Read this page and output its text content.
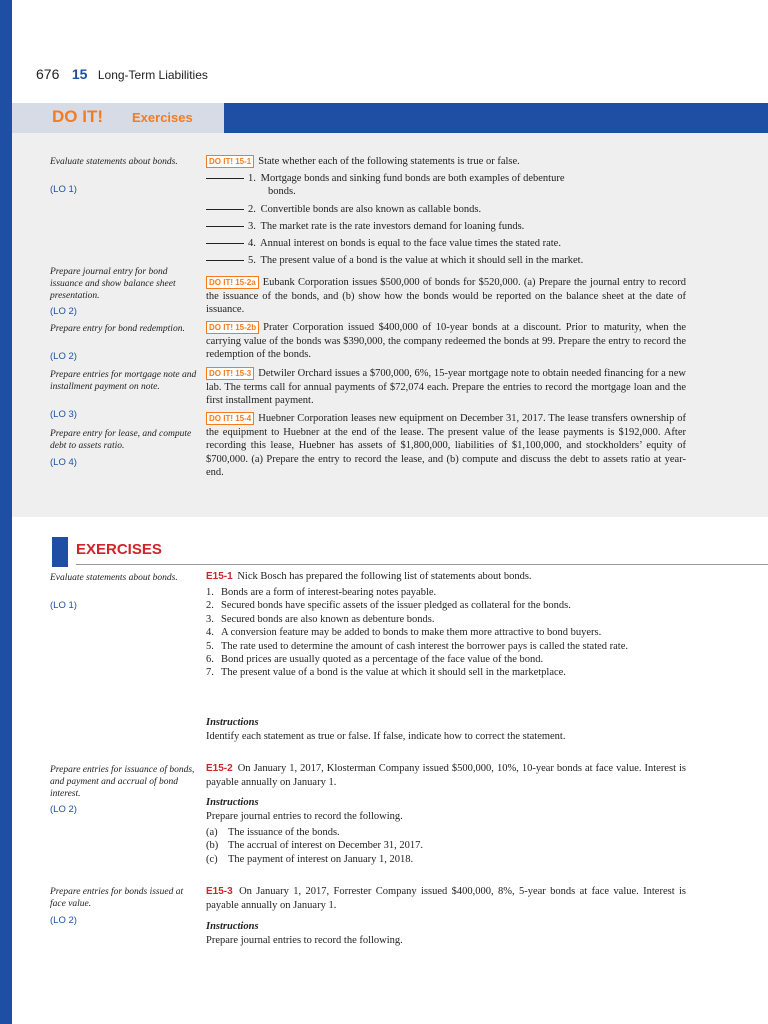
676 15 Long-Term Liabilities
DO IT! Exercises
Evaluate statements about bonds.
(LO 1)
DO IT! 15-1 State whether each of the following statements is true or false.
1. Mortgage bonds and sinking fund bonds are both examples of debenture
bonds.
2. Convertible bonds are also known as callable bonds.
3. The market rate is the rate investors demand for loaning funds.
4. Annual interest on bonds is equal to the face value times the stated rate.
5. The present value of a bond is the value at which it should sell in the market.
Prepare journal entry for bond issuance and show balance sheet presentation.
(LO 2)
DO IT! 15-2a Eubank Corporation issues $500,000 of bonds for $520,000. (a) Prepare the journal entry to record the issuance of the bonds, and (b) show how the bonds would be reported on the balance sheet at the date of issuance.
Prepare entry for bond redemption.
(LO 2)
DO IT! 15-2b Prater Corporation issued $400,000 of 10-year bonds at a discount. Prior to maturity, when the carrying value of the bonds was $390,000, the company redeemed the bonds at 99. Prepare the entry to record the redemption of the bonds.
Prepare entries for mortgage note and installment payment on note.
(LO 3)
DO IT! 15-3 Detwiler Orchard issues a $700,000, 6%, 15-year mortgage note to obtain needed financing for a new lab. The terms call for annual payments of $72,074 each. Prepare the entries to record the mortgage loan and the first installment payment.
Prepare entry for lease, and compute debt to assets ratio.
(LO 4)
DO IT! 15-4 Huebner Corporation leases new equipment on December 31, 2017. The lease transfers ownership of the equipment to Huebner at the end of the lease. The present value of the lease payments is $192,000. After recording this lease, Huebner has assets of $1,800,000, liabilities of $1,100,000, and stockholders’ equity of $700,000. (a) Prepare the entry to record the lease, and (b) compute and discuss the debt to assets ratio at year-end.
EXERCISES
Evaluate statements about bonds.
(LO 1)
E15-1 Nick Bosch has prepared the following list of statements about bonds.
1. Bonds are a form of interest-bearing notes payable.
2. Secured bonds have specific assets of the issuer pledged as collateral for the bonds.
3. Secured bonds are also known as debenture bonds.
4. A conversion feature may be added to bonds to make them more attractive to bond buyers.
5. The rate used to determine the amount of cash interest the borrower pays is called the stated rate.
6. Bond prices are usually quoted as a percentage of the face value of the bond.
7. The present value of a bond is the value at which it should sell in the marketplace.
Instructions
Identify each statement as true or false. If false, indicate how to correct the statement.
Prepare entries for issuance of bonds, and payment and accrual of bond interest.
(LO 2)
E15-2 On January 1, 2017, Klosterman Company issued $500,000, 10%, 10-year bonds at face value. Interest is payable annually on January 1.
Instructions
Prepare journal entries to record the following.
(a) The issuance of the bonds.
(b) The accrual of interest on December 31, 2017.
(c) The payment of interest on January 1, 2018.
Prepare entries for bonds issued at face value.
(LO 2)
E15-3 On January 1, 2017, Forrester Company issued $400,000, 8%, 5-year bonds at face value. Interest is payable annually on January 1.
Instructions
Prepare journal entries to record the following.
